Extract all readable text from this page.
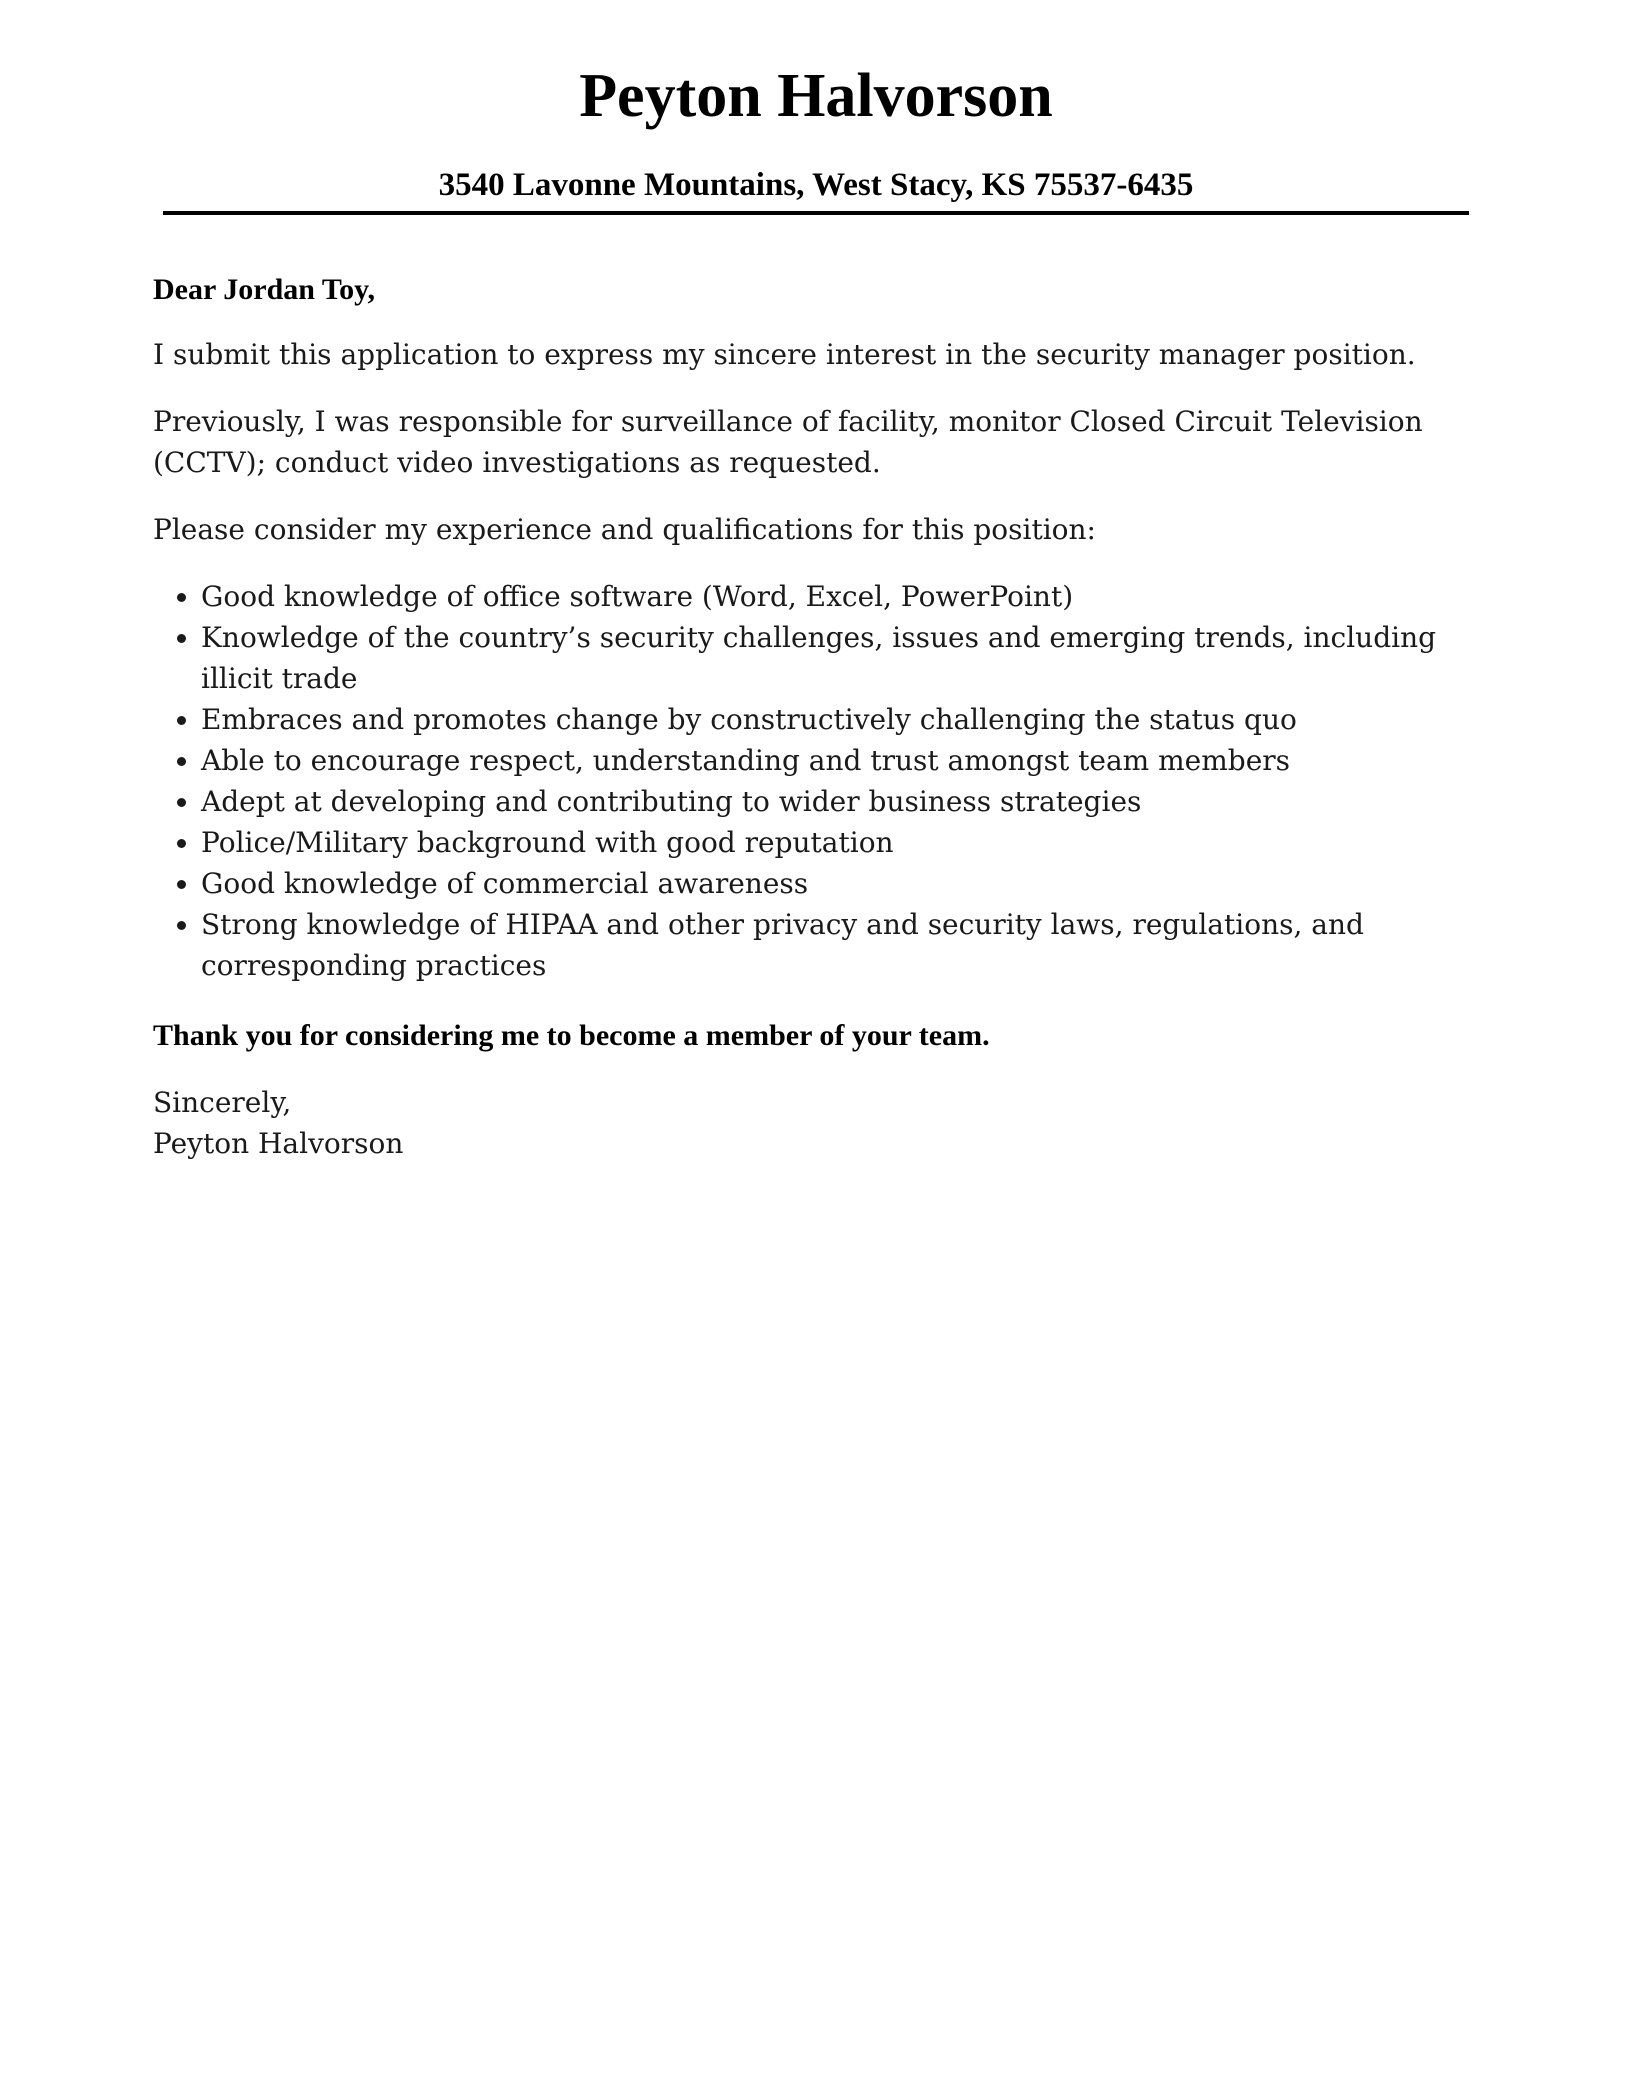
Peyton Halvorson
3540 Lavonne Mountains, West Stacy, KS 75537-6435

Dear Jordan Toy,

I submit this application to express my sincere interest in the security manager position.

Previously, I was responsible for surveillance of facility, monitor Closed Circuit Television (CCTV); conduct video investigations as requested.

Please consider my experience and qualifications for this position:

Good knowledge of office software (Word, Excel, PowerPoint)
Knowledge of the country’s security challenges, issues and emerging trends, including illicit trade
Embraces and promotes change by constructively challenging the status quo
Able to encourage respect, understanding and trust amongst team members
Adept at developing and contributing to wider business strategies
Police/Military background with good reputation
Good knowledge of commercial awareness
Strong knowledge of HIPAA and other privacy and security laws, regulations, and corresponding practices

Thank you for considering me to become a member of your team.

Sincerely,

Peyton Halvorson
